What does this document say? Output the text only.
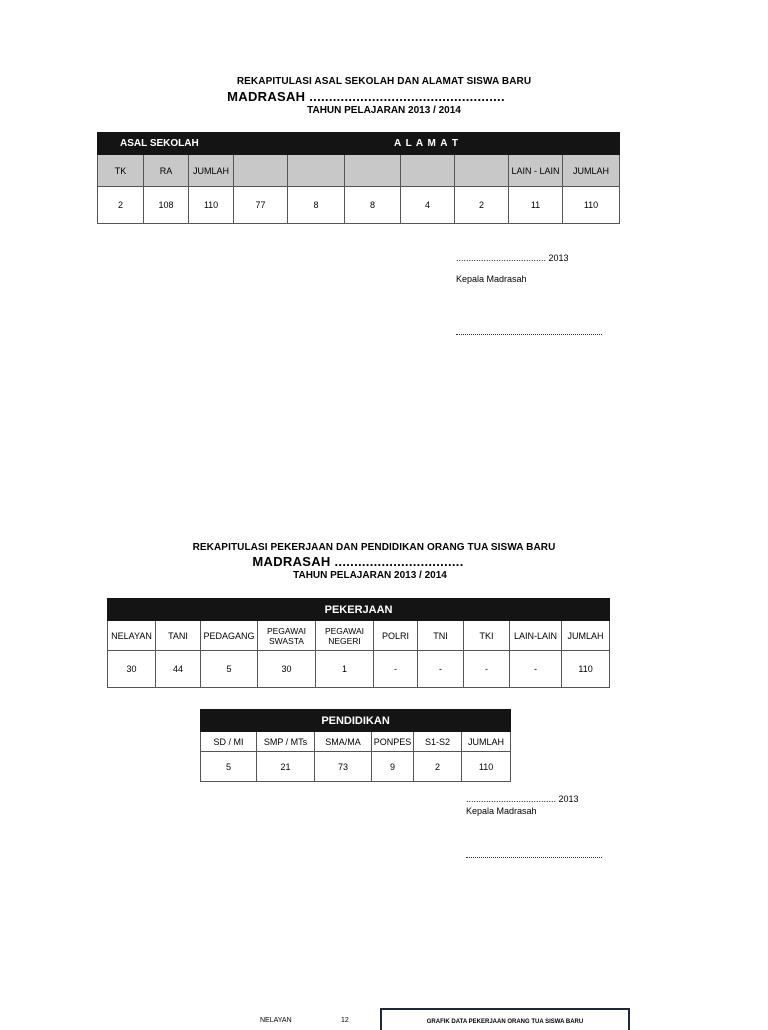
REKAPITULASI ASAL SEKOLAH DAN ALAMAT SISWA BARU
MADRASAH ..................................................
TAHUN PELAJARAN 2013 / 2014
ASAL SEKOLAH			A L A M A T						
TK	RA	JUMLAH						LAIN - LAIN	JUMLAH
2	108	110	77	8	8	4	2	11	110
.................................... 2013
Kepala Madrasah
REKAPITULASI PEKERJAAN DAN PENDIDIKAN ORANG TUA SISWA BARU
MADRASAH .................................
TAHUN PELAJARAN 2013 / 2014
PEKERJAAN									
NELAYAN	TANI	PEDAGANG	PEGAWAI SWASTA	PEGAWAI NEGERI	POLRI	TNI	TKI	LAIN-LAIN	JUMLAH
30	44	5	30	1	-	-	-	-	110
PENDIDIKAN					
SD / MI	SMP / MTs	SMA/MA	PONPES	S1-S2	JUMLAH
5	21	73	9	2	110
.................................... 2013
Kepala Madrasah
NELAYAN	12	GRAFIK DATA PEKERJAAN ORANG TUA SISWA BARU
